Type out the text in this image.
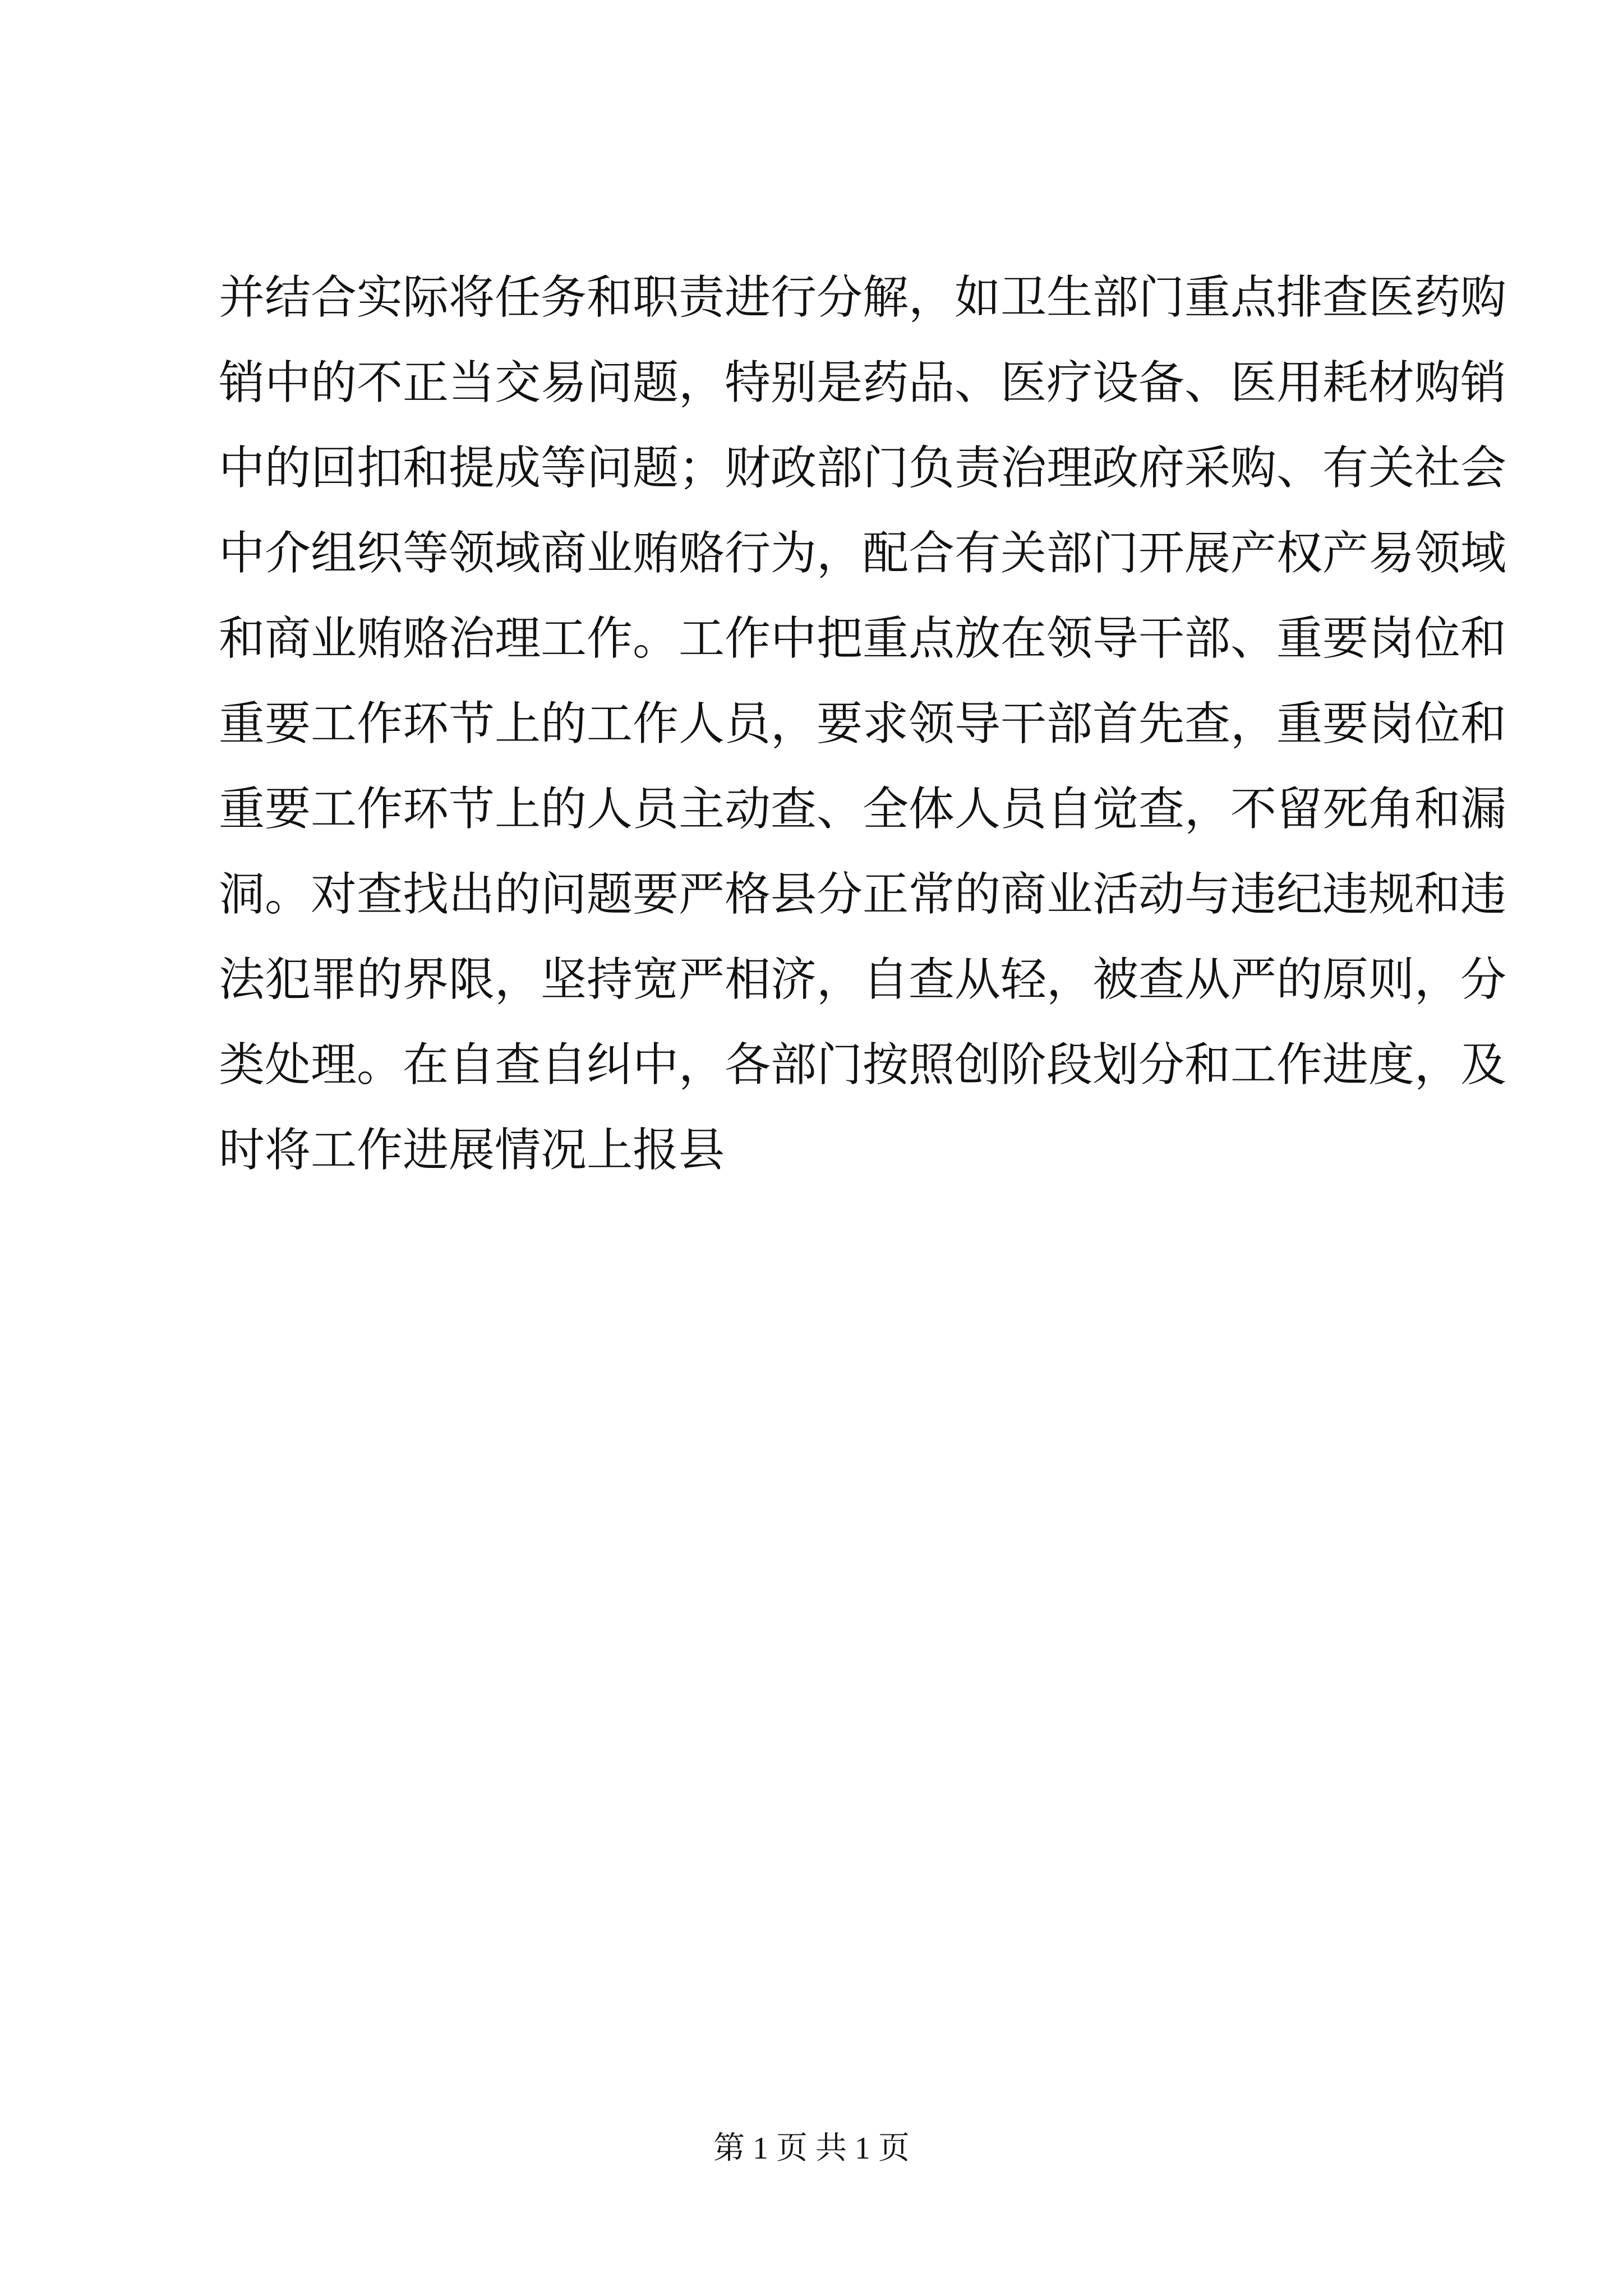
并结合实际将任务和职责进行分解，如卫生部门重点排查医药购
销中的不正当交易问题，特别是药品、医疗设备、医用耗材购销
中的回扣和提成等问题；财政部门负责治理政府采购、有关社会
中介组织等领域商业贿赂行为，配合有关部门开展产权产易领域
和商业贿赂治理工作。工作中把重点放在领导干部、重要岗位和
重要工作环节上的工作人员，要求领导干部首先查，重要岗位和
重要工作环节上的人员主动查、全体人员自觉查，不留死角和漏
洞。对查找出的问题要严格县分正常的商业活动与违纪违规和违
法犯罪的界限，坚持宽严相济，自查从轻，被查从严的原则，分
类处理。在自查自纠中，各部门按照创阶段划分和工作进度，及
时将工作进展情况上报县
第 1 页 共 1 页
